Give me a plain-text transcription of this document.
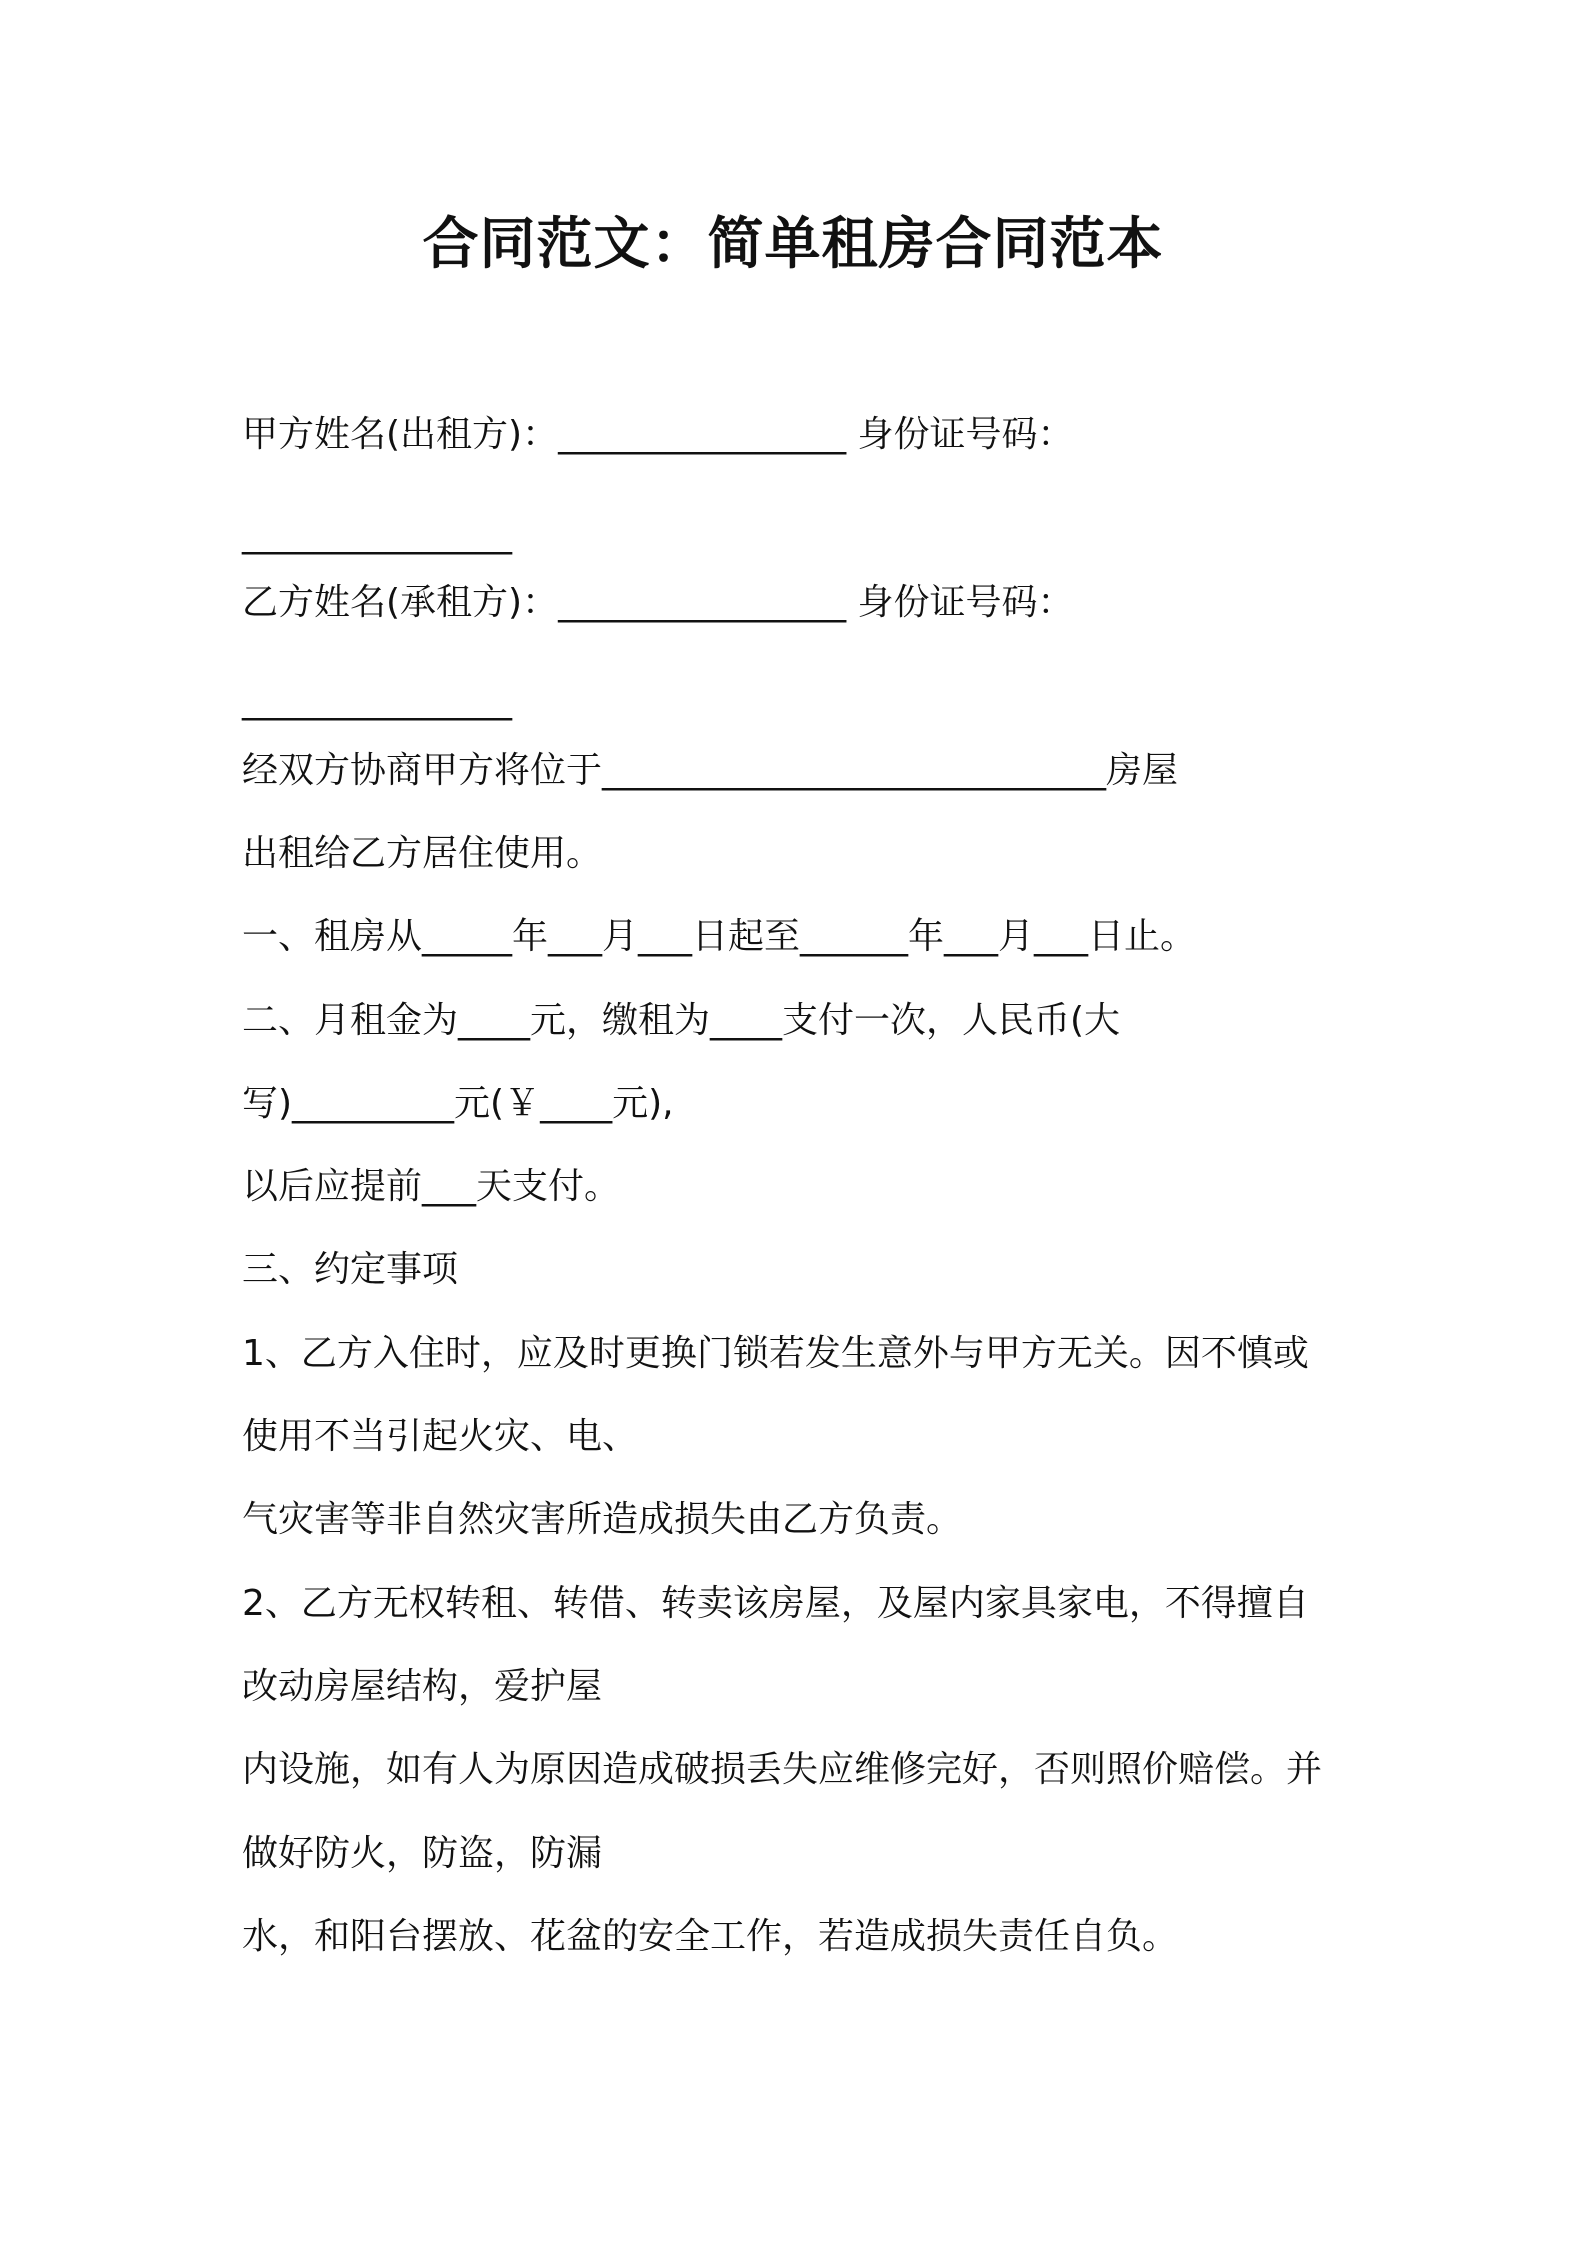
合同范文：简单租房合同范本
甲方姓名(出租方)：________________ 身份证号码：
_______________
乙方姓名(承租方)：________________ 身份证号码：
_______________
经双方协商甲方将位于____________________________房屋
出租给乙方居住使用。
一、租房从_____年___月___日起至______年___月___日止。
二、月租金为____元，缴租为____支付一次，人民币(大
写)_________元(￥____元),
以后应提前___天支付。
三、约定事项
1、乙方入住时，应及时更换门锁若发生意外与甲方无关。因不慎或
使用不当引起火灾、电、
气灾害等非自然灾害所造成损失由乙方负责。
2、乙方无权转租、转借、转卖该房屋，及屋内家具家电，不得擅自
改动房屋结构，爱护屋
内设施，如有人为原因造成破损丢失应维修完好，否则照价赔偿。并
做好防火，防盗，防漏
水，和阳台摆放、花盆的安全工作，若造成损失责任自负。
